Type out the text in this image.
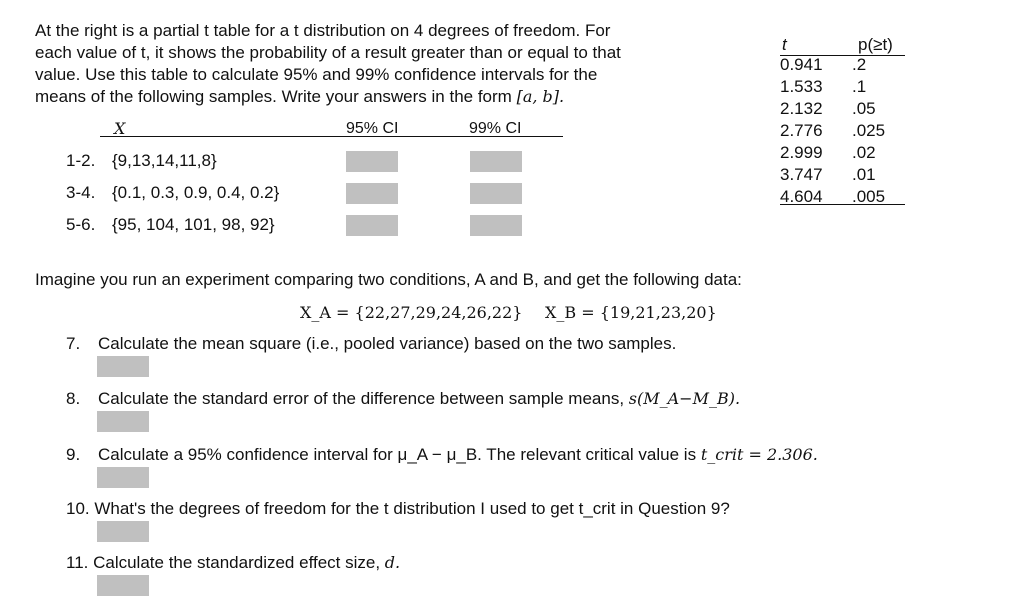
At the right is a partial t table for a t distribution on 4 degrees of freedom. For
each value of t, it shows the probability of a result greater than or equal to that
value. Use this table to calculate 95% and 99% confidence intervals for the
means of the following samples. Write your answers in the form [a, b].
X	95% CI	99% CI
1-2. {9,13,14,11,8}
3-4. {0.1, 0.3, 0.9, 0.4, 0.2}
5-6. {95, 104, 101, 98, 92}
t	p(≥t)
0.941 .2
1.533 .1
2.132 .05
2.776 .025
2.999 .02
3.747 .01
4.604 .005
Imagine you run an experiment comparing two conditions, A and B, and get the following data:
X_A = {22,27,29,24,26,22} X_B = {19,21,23,20}
7. Calculate the mean square (i.e., pooled variance) based on the two samples.
8. Calculate the standard error of the difference between sample means, s(M_A−M_B).
9. Calculate a 95% confidence interval for μ_A − μ_B. The relevant critical value is t_crit = 2.306.
10. What's the degrees of freedom for the t distribution I used to get t_crit in Question 9?
11. Calculate the standardized effect size, d.
